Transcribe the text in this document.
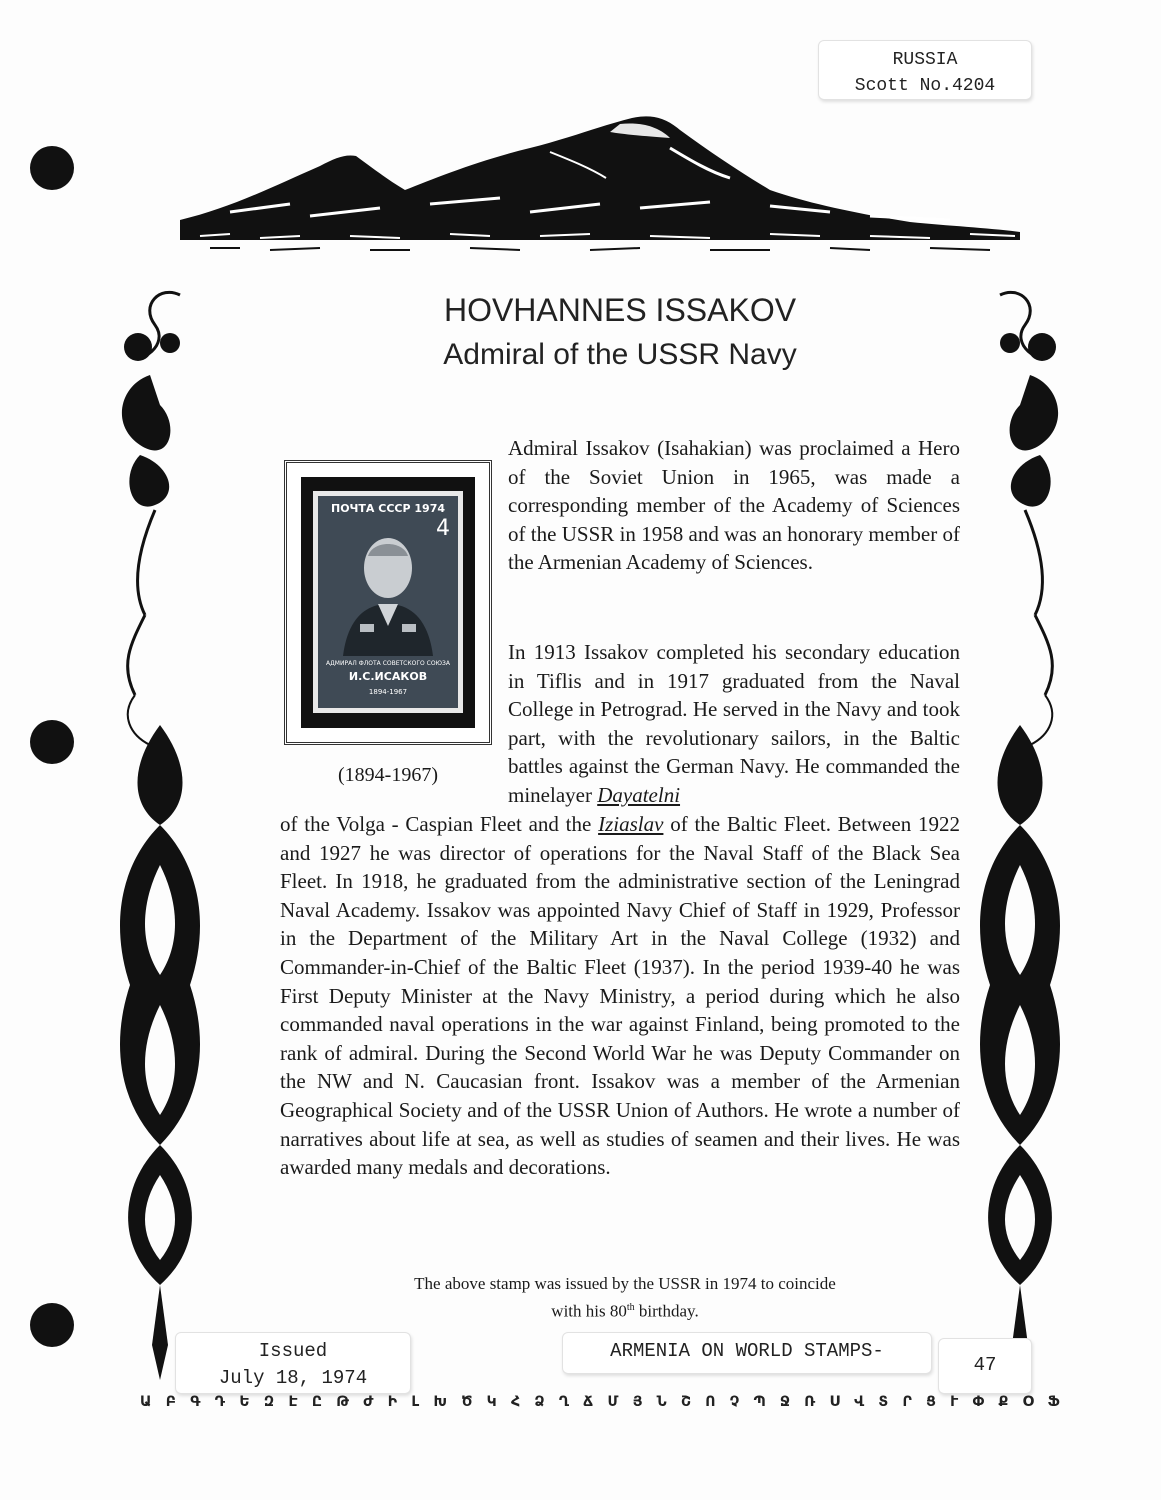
RUSSIA
Scott No.4204
HOVHANNES ISSAKOV
Admiral of the USSR Navy
ПОЧТА СССР 1974
4
АДМИРАЛ ФЛОТА СОВЕТСКОГО СОЮЗА
И.С.ИСАКОВ
1894-1967
(1894-1967)
Admiral Issakov (Isahakian) was proclaimed a Hero of the Soviet Union in 1965, was made a corresponding member of the Academy of Sciences of the USSR in 1958 and was an honorary member of the Armenian Academy of Sciences.
In 1913 Issakov completed his secondary education in Tiflis and in 1917 graduated from the Naval College in Petrograd. He served in the Navy and took part, with the revolutionary sailors, in the Baltic battles against the German Navy. He commanded the minelayer Dayatelni
of the Volga - Caspian Fleet and the Iziaslav of the Baltic Fleet. Between 1922 and 1927 he was director of operations for the Naval Staff of the Black Sea Fleet. In 1918, he graduated from the administrative section of the Leningrad Naval Academy. Issakov was appointed Navy Chief of Staff in 1929, Professor in the Department of the Military Art in the Naval College (1932) and Commander-in-Chief of the Baltic Fleet (1937). In the period 1939-40 he was First Deputy Minister at the Navy Ministry, a period during which he also commanded naval operations in the war against Finland, being promoted to the rank of admiral. During the Second World War he was Deputy Commander on the NW and N. Caucasian front. Issakov was a member of the Armenian Geographical Society and of the USSR Union of Authors. He wrote a number of narratives about life at sea, as well as studies of seamen and their lives. He was awarded many medals and decorations.
The above stamp was issued by the USSR in 1974 to coincide
with his 80th birthday.
Issued
July 18, 1974
ARMENIA ON WORLD STAMPS-
47
Ա Բ Գ Դ Ե Զ Է Ը Թ Ժ Ի Լ Խ Ծ Կ Հ Ձ Ղ Ճ Մ Յ Ն Շ Ո Չ Պ Ջ Ռ Ս Վ Տ Ր Ց Ւ Փ Ք Օ Ֆ
